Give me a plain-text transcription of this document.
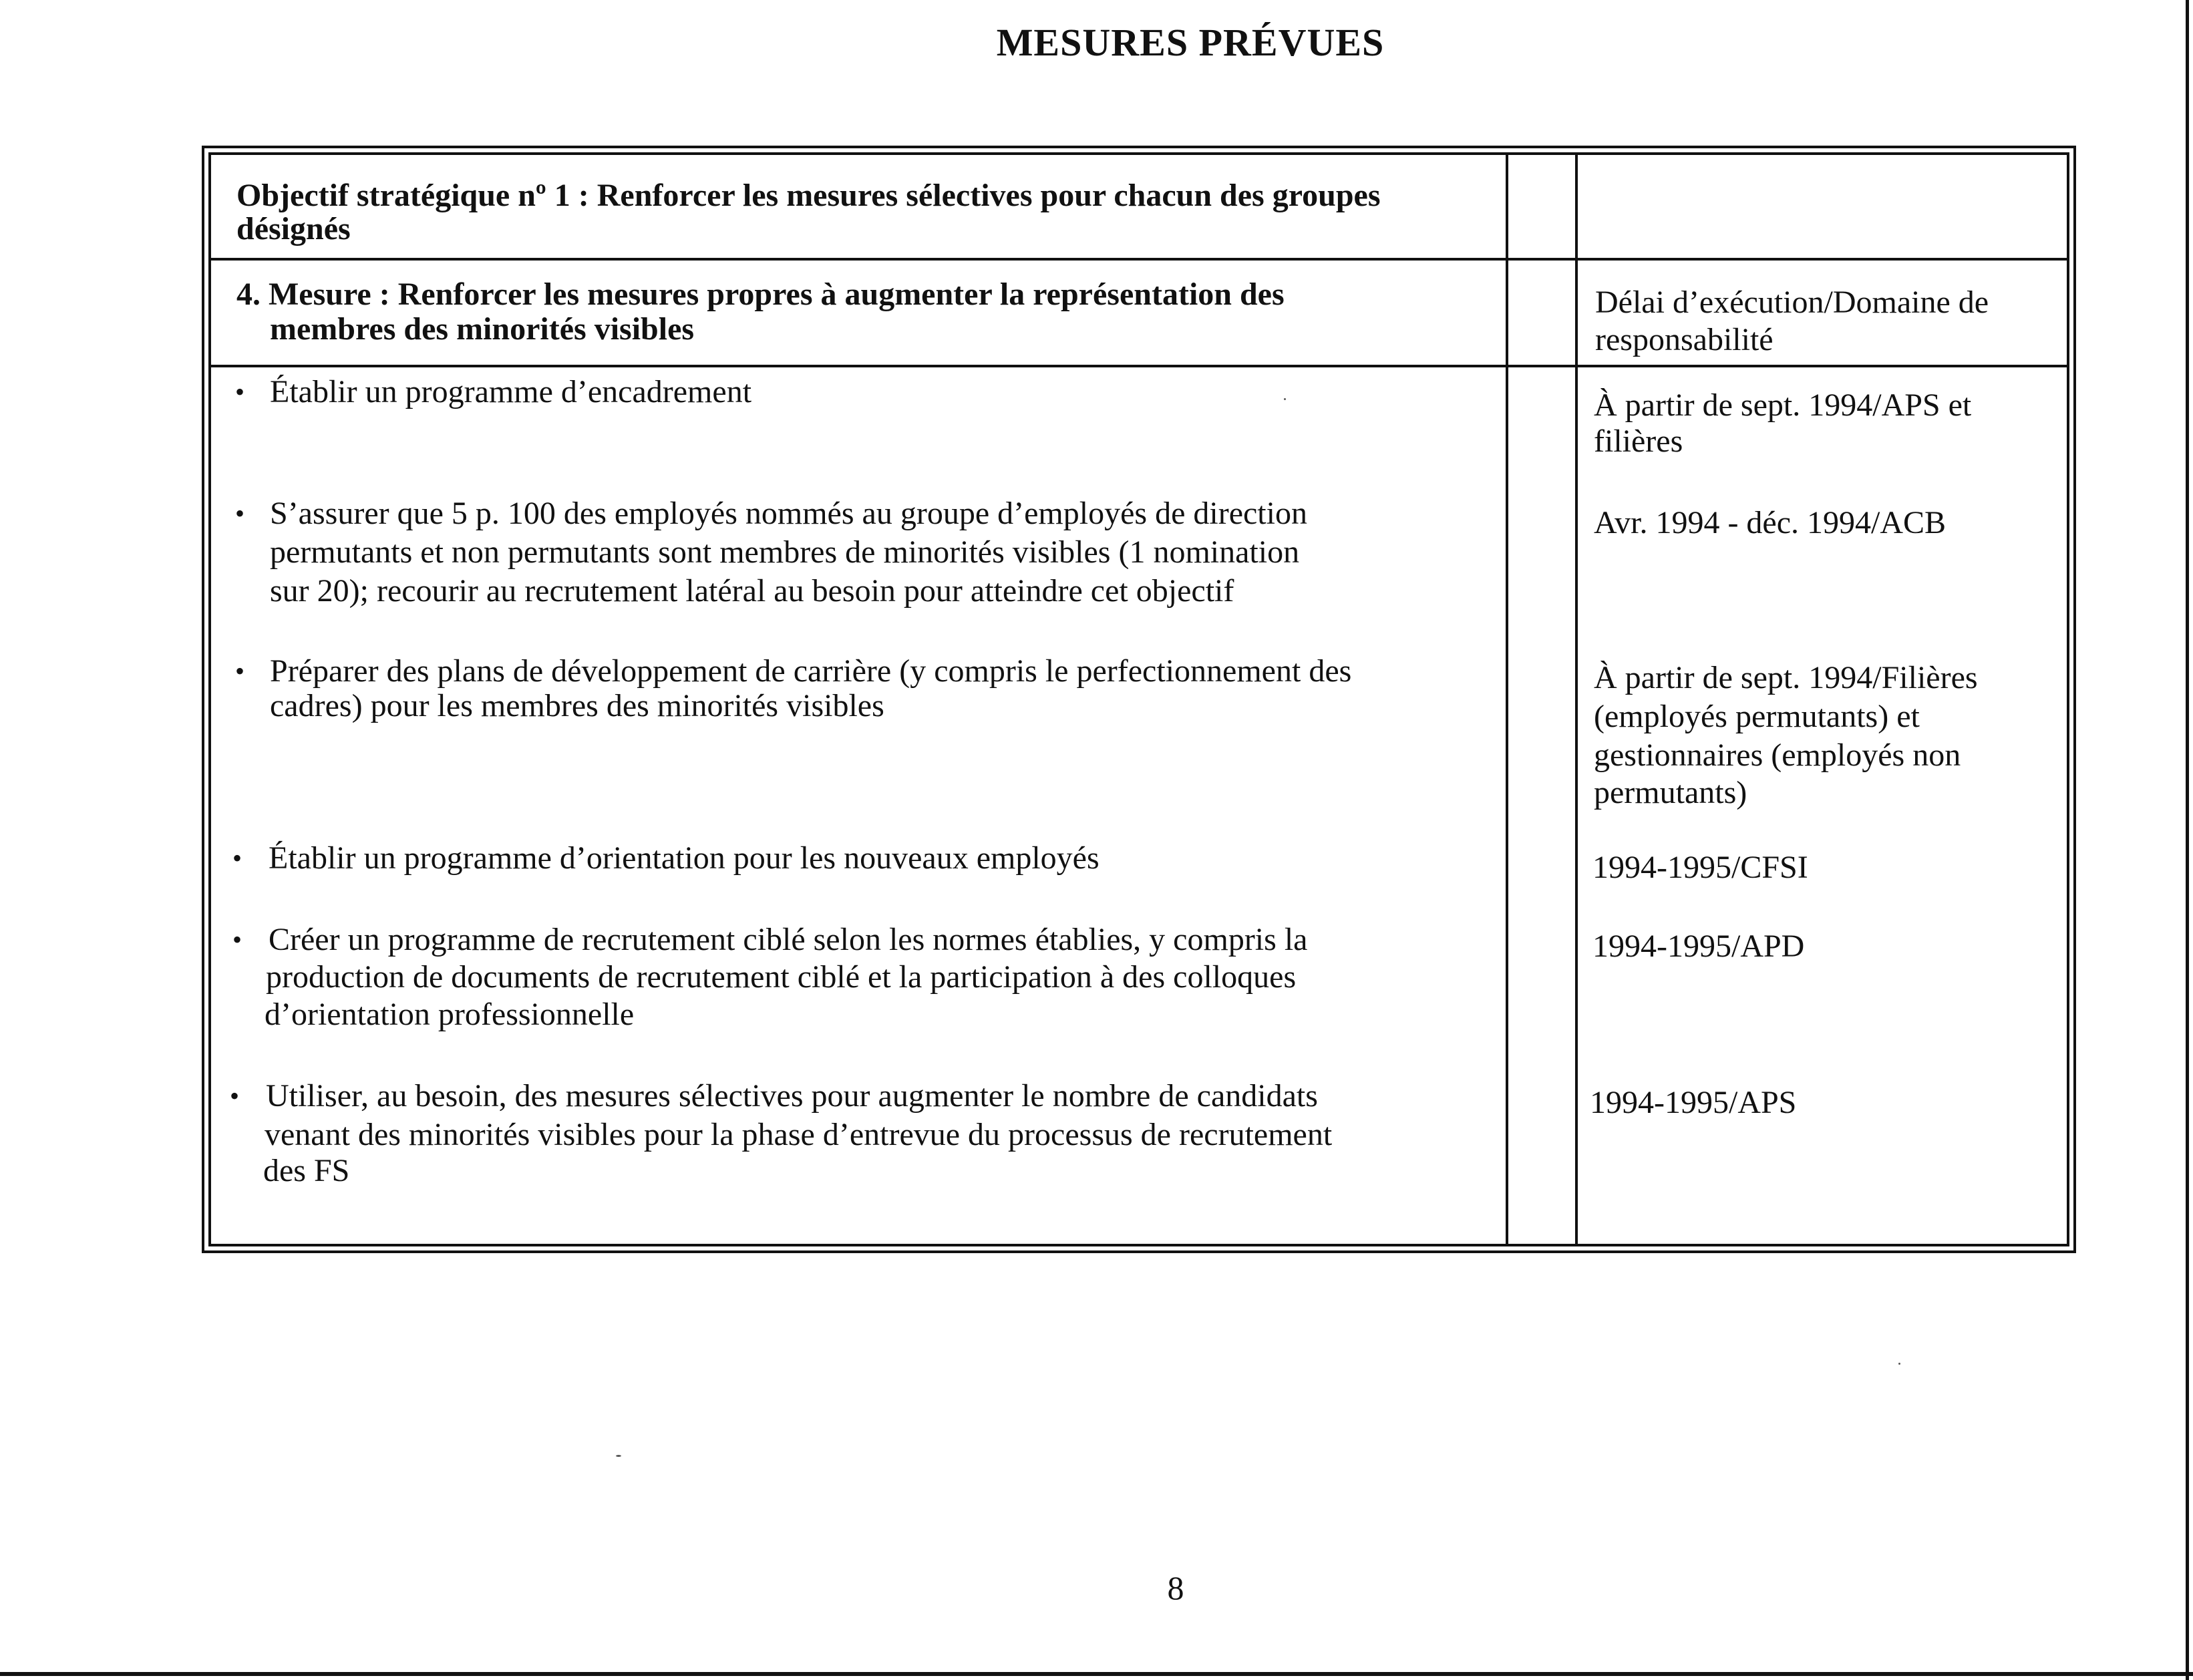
MESURES PRÉVUES
Objectif stratégique nº 1 : Renforcer les mesures sélectives pour chacun des groupes
désignés
4. Mesure : Renforcer les mesures propres à augmenter la représentation des
membres des minorités visibles
Délai d’exécution/Domaine de
responsabilité
• Établir un programme d’encadrement	À partir de sept. 1994/APS et
filières
• S’assurer que 5 p. 100 des employés nommés au groupe d’employés de direction
permutants et non permutants sont membres de minorités visibles (1 nomination
sur 20); recourir au recrutement latéral au besoin pour atteindre cet objectif
Avr. 1994 - déc. 1994/ACB
• Préparer des plans de développement de carrière (y compris le perfectionnement des
cadres) pour les membres des minorités visibles
À partir de sept. 1994/Filières
(employés permutants) et
gestionnaires (employés non
permutants)
• Établir un programme d’orientation pour les nouveaux employés	1994-1995/CFSI
• Créer un programme de recrutement ciblé selon les normes établies, y compris la
production de documents de recrutement ciblé et la participation à des colloques
d’orientation professionnelle
1994-1995/APD
• Utiliser, au besoin, des mesures sélectives pour augmenter le nombre de candidats
venant des minorités visibles pour la phase d’entrevue du processus de recrutement
des FS
1994-1995/APS
8
